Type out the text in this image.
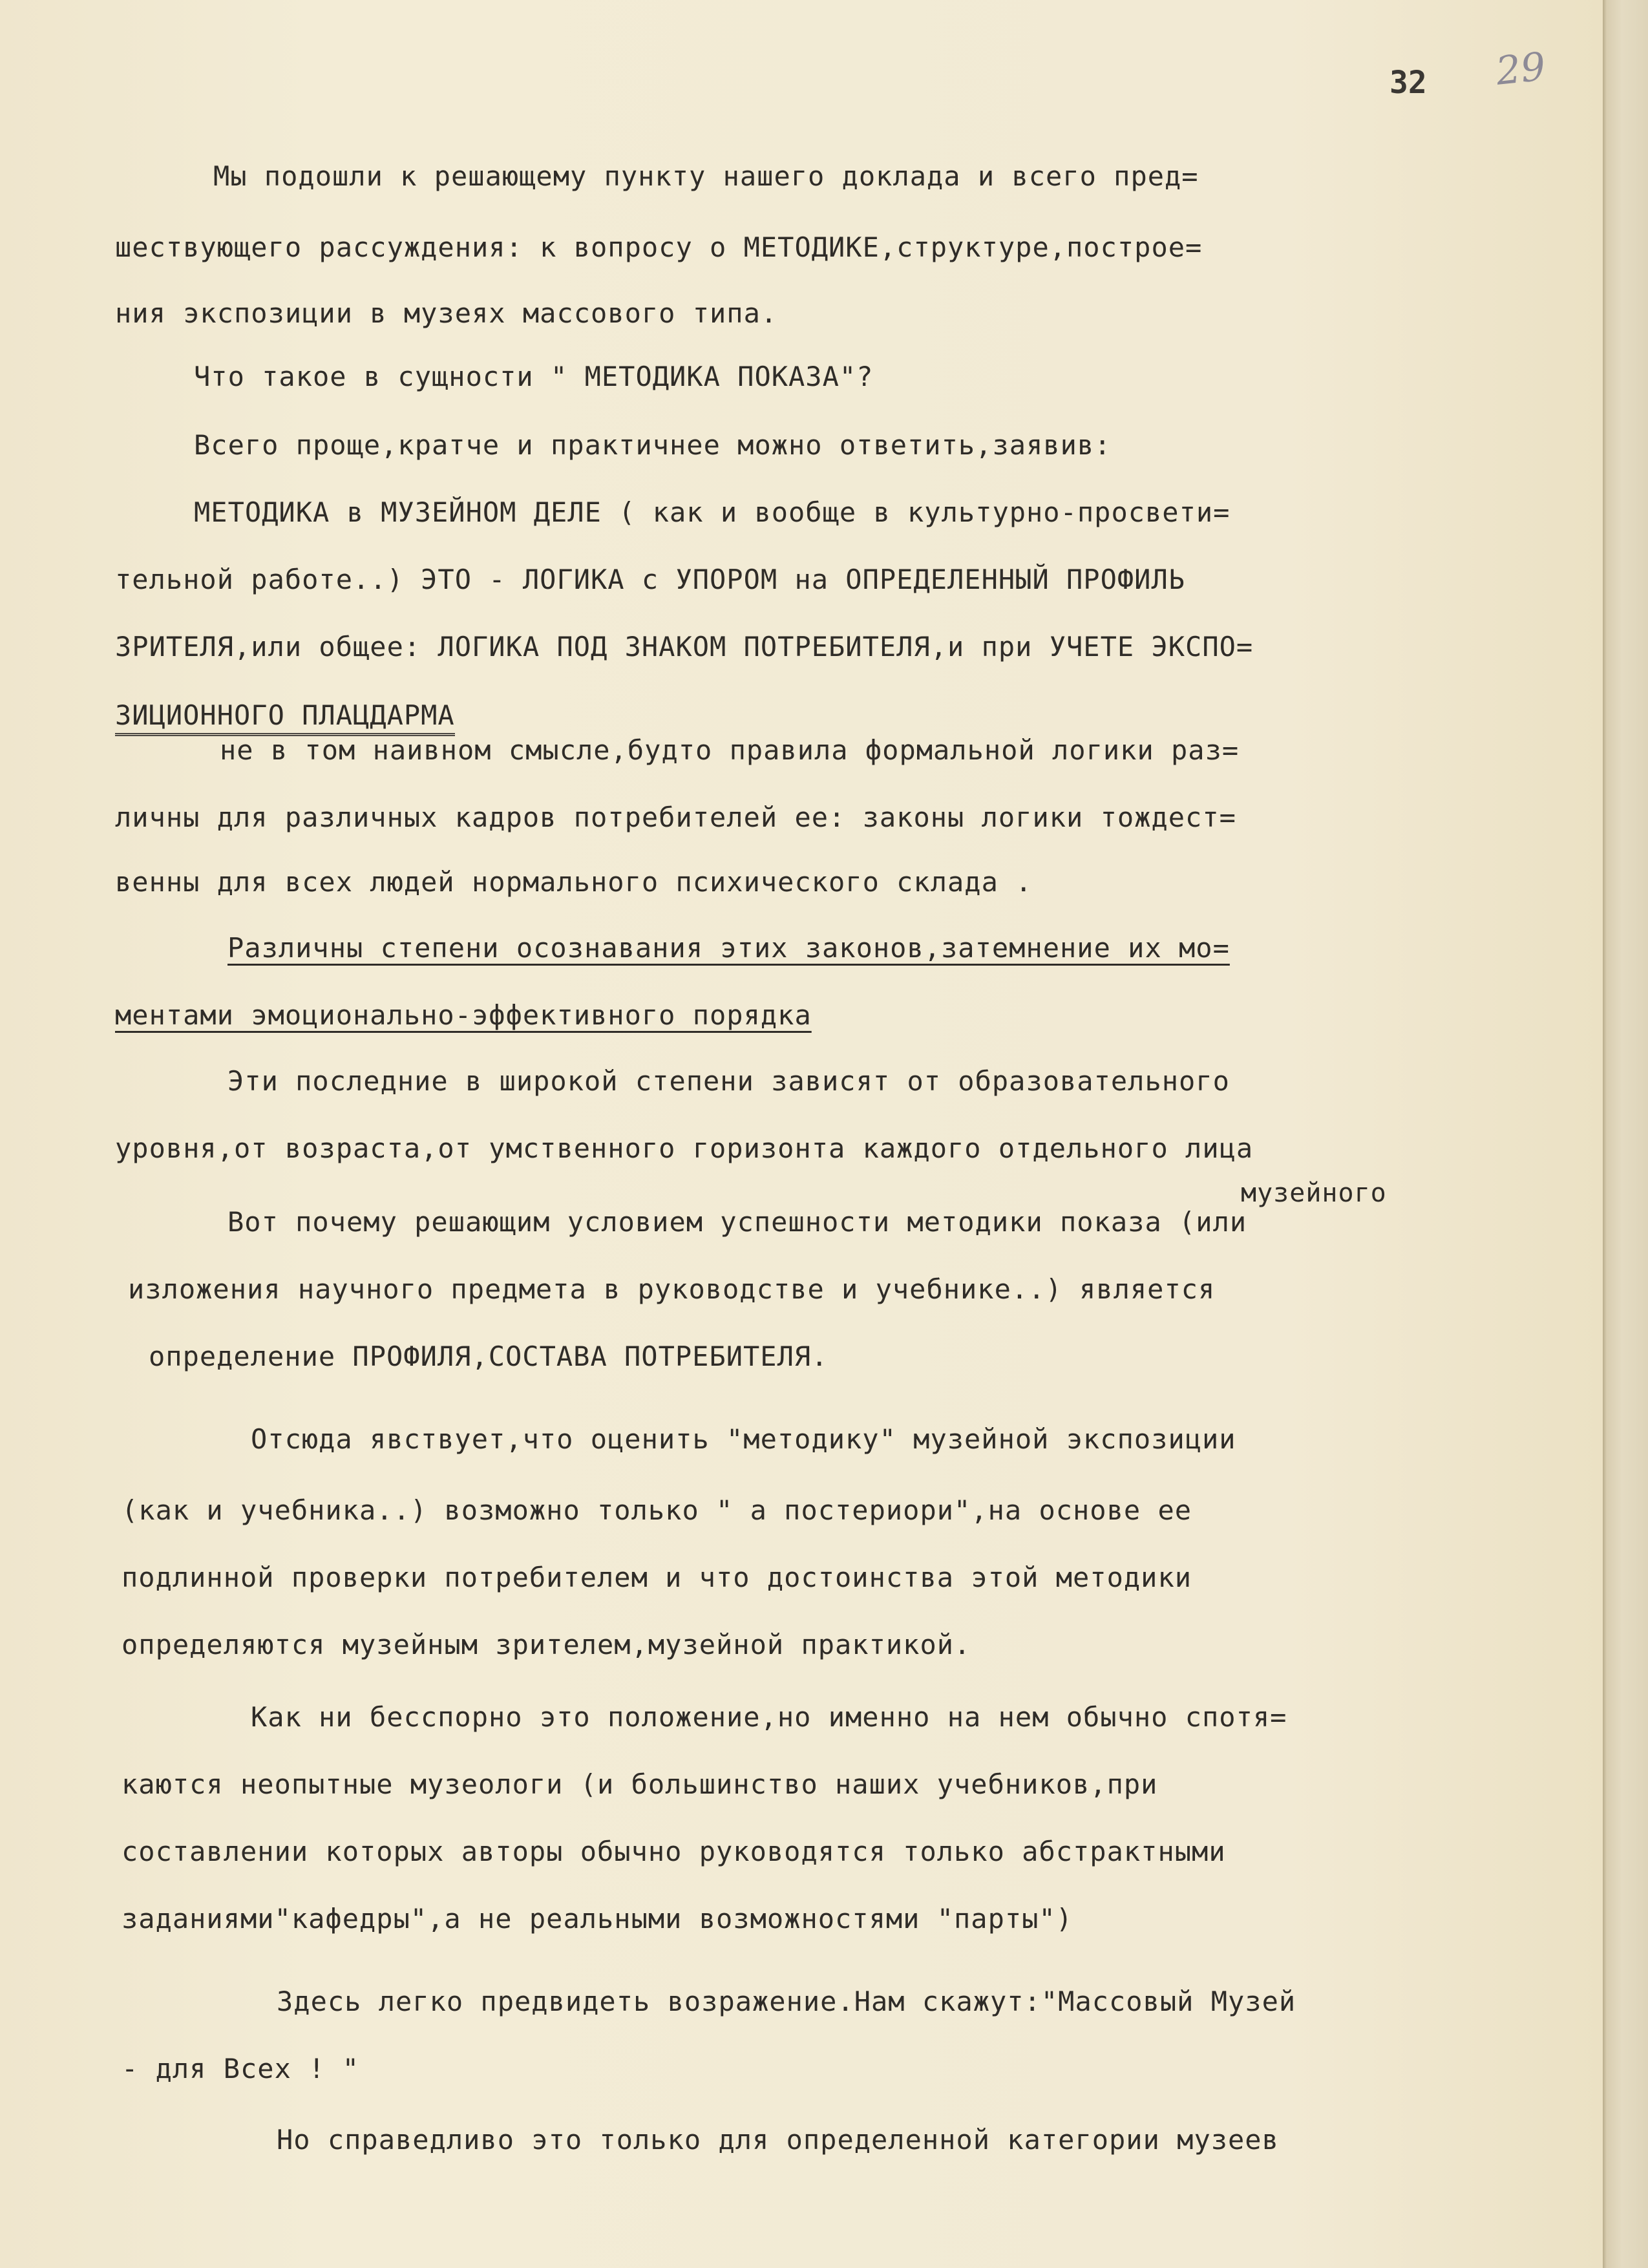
32 29
Мы подошли к решающему пункту нашего доклада и всего пред=
шествующего рассуждения: к вопросу о МЕТОДИКЕ,структуре,построе=
ния экспозиции в музеях массового типа.
Что такое в сущности " МЕТОДИКА ПОКАЗА"?
Всего проще,кратче и практичнее можно ответить,заявив:
МЕТОДИКА в МУЗЕЙНОМ ДЕЛЕ ( как и вообще в культурно-просвети=
тельной работе..) ЭТО - ЛОГИКА с УПОРОМ на ОПРЕДЕЛЕННЫЙ ПРОФИЛЬ
ЗРИТЕЛЯ,или общее: ЛОГИКА ПОД ЗНАКОМ ПОТРЕБИТЕЛЯ,и при УЧЕТЕ ЭКСПО=
ЗИЦИОННОГО ПЛАЦДАРМА
не в том наивном смысле,будто правила формальной логики раз=
личны для различных кадров потребителей ее: законы логики тождест=
венны для всех людей нормального психического склада .
Различны степени осознавания этих законов,затемнение их мо=
ментами эмоционально-эффективного порядка
Эти последние в широкой степени зависят от образовательного
уровня,от возраста,от умственного горизонта каждого отдельного лица
музейного
Вот почему решающим условием успешности методики показа (или
изложения научного предмета в руководстве и учебнике..) является
определение ПРОФИЛЯ,СОСТАВА ПОТРЕБИТЕЛЯ.
Отсюда явствует,что оценить "методику" музейной экспозиции
(как и учебника..) возможно только " а постериори",на основе ее
подлинной проверки потребителем и что достоинства этой методики
определяются музейным зрителем,музейной практикой.
Как ни бесспорно это положение,но именно на нем обычно спотя=
каются неопытные музеологи (и большинство наших учебников,при
составлении которых авторы обычно руководятся только абстрактными
заданиями"кафедры",а не реальными возможностями "парты")
Здесь легко предвидеть возражение.Нам скажут:"Массовый Музей
- для Всех ! "
Но справедливо это только для определенной категории музеев
